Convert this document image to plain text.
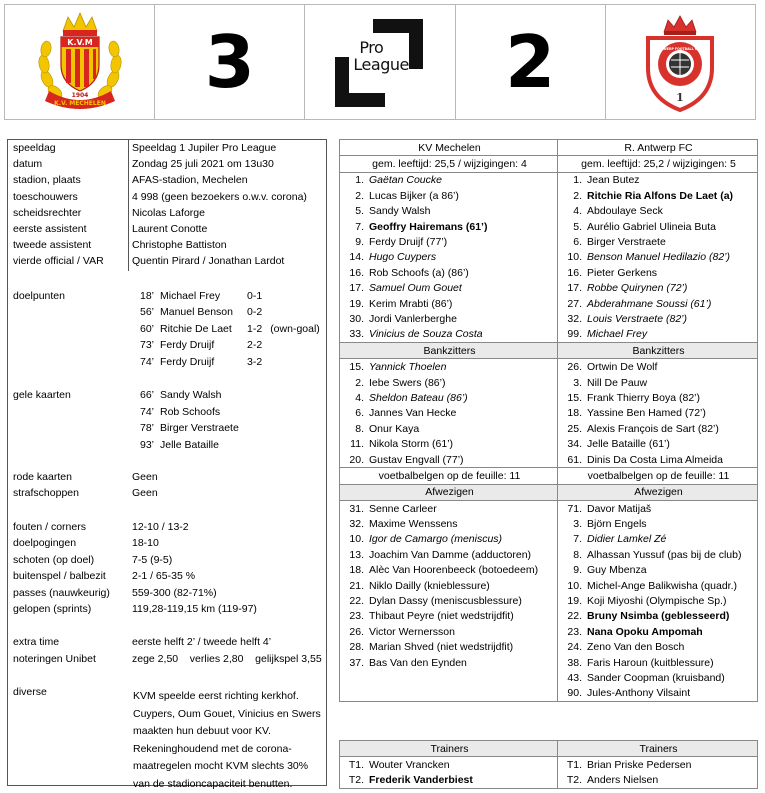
K.V.M
K.V. MECHELEN
1904 3	Pro
League 2	ANTWERP FOOTBALL CLUB
1
speeldag	Speeldag 1 Jupiler Pro League
datum	Zondag 25 juli 2021 om 13u30
stadion, plaats	AFAS-stadion, Mechelen
toeschouwers	4 998 (geen bezoekers o.w.v. corona)
scheidsrechter	Nicolas Laforge
eerste assistent	Laurent Conotte
tweede assistent	Christophe Battiston
vierde official / VAR	Quentin Pirard / Jonathan Lardot
doelpunten	18’ Michael Frey	0-1
56’ Manuel Benson 0-2
60’ Ritchie De Laet 1-2 (own-goal)
73’ Ferdy Druijf	2-2
74’ Ferdy Druijf	3-2
gele kaarten	66’ Sandy Walsh
74’ Rob Schoofs
78’ Birger Verstraete
93’ Jelle Bataille
rode kaarten	Geen
strafschoppen	Geen
fouten / corners	12-10 / 13-2
doelpogingen	18-10
schoten (op doel)	7-5 (9-5)
buitenspel / balbezit 2-1 / 65-35 %
passes (nauwkeurig) 559-300 (82-71%)
gelopen (sprints)	119,28-119,15 km (119-97)
extra time	eerste helft 2’ / tweede helft 4’
noteringen Unibet	zege 2,50    verlies 2,80    gelijkspel 3,55
diverse	KVM speelde eerst richting kerkhof. Cuypers, Oum Gouet, Vinicius en Swers maakten hun debuut voor KV. Rekeninghoudend met de corona-maatregelen mocht KVM slechts 30% van de stadioncapaciteit benutten.
KV Mechelen	R. Antwerp FC
gem. leeftijd: 25,5 / wijzigingen: 4	gem. leeftijd: 25,2 / wijzigingen: 5
1. Gaëtan Coucke	1. Jean Butez
2. Lucas Bijker (a 86’)	2. Ritchie Ria Alfons De Laet (a)
5. Sandy Walsh	4. Abdoulaye Seck
7. Geoffry Hairemans (61’)	5. Aurélio Gabriel Ulineia Buta
9. Ferdy Druijf (77’)	6. Birger Verstraete
14. Hugo Cuypers	10. Benson Manuel Hedilazio (82’)
16. Rob Schoofs (a) (86’)	16. Pieter Gerkens
17. Samuel Oum Gouet	17. Robbe Quirynen (72’)
19. Kerim Mrabti (86’)	27. Abderahmane Soussi (61’)
30. Jordi Vanlerberghe	32. Louis Verstraete (82’)
33. Vinicius de Souza Costa	99. Michael Frey
Bankzitters	Bankzitters
15. Yannick Thoelen	26. Ortwin De Wolf
2. Iebe Swers (86’)	3. Nill De Pauw
4. Sheldon Bateau (86’)	15. Frank Thierry Boya (82’)
6. Jannes Van Hecke	18. Yassine Ben Hamed (72’)
8. Onur Kaya	25. Alexis François de Sart (82’)
11. Nikola Storm (61’)	34. Jelle Bataille (61’)
20. Gustav Engvall (77’)	61. Dinis Da Costa Lima Almeida
voetbalbelgen op de feuille: 11	voetbalbelgen op de feuille: 11
Afwezigen	Afwezigen
31. Senne Carleer	71. Davor Matijaš
32. Maxime Wenssens	3. Björn Engels
10. Igor de Camargo (meniscus)	7. Didier Lamkel Zé
13. Joachim Van Damme (adductoren)	8. Alhassan Yussuf (pas bij de club)
18. Alèc Van Hoorenbeeck (botoedeem)	9. Guy Mbenza
21. Niklo Dailly (knieblessure)	10. Michel-Ange Balikwisha (quadr.)
22. Dylan Dassy (meniscusblessure)	19. Koji Miyoshi (Olympische Sp.)
23. Thibaut Peyre (niet wedstrijdfit)	22. Bruny Nsimba (geblesseerd)
26. Victor Wernersson	23. Nana Opoku Ampomah
28. Marian Shved (niet wedstrijdfit)	24. Zeno Van den Bosch
37. Bas Van den Eynden	38. Faris Haroun (kuitblessure)
	43. Sander Coopman (kruisband)
	90. Jules-Anthony Vilsaint
Trainers	Trainers
T1. Wouter Vrancken	T1. Brian Priske Pedersen
T2. Frederik Vanderbiest	T2. Anders Nielsen
